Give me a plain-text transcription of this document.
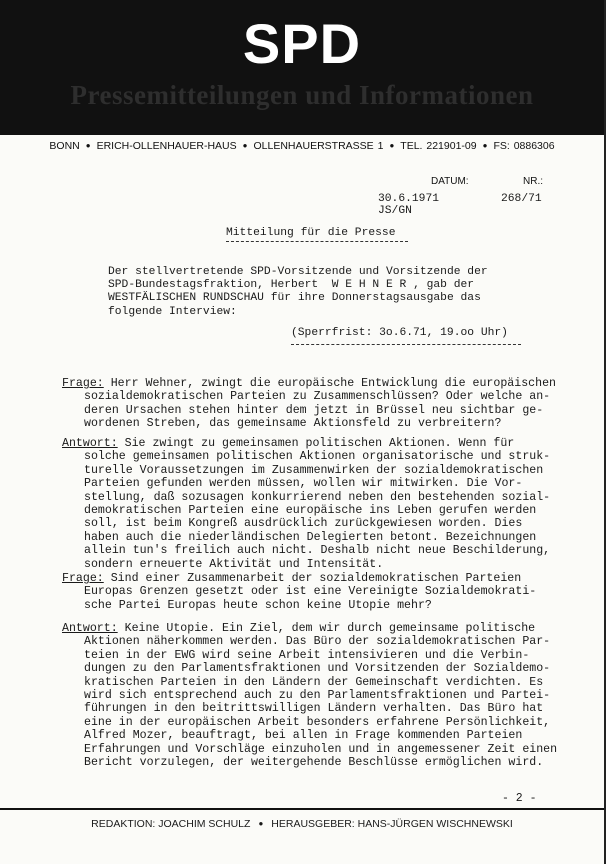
SPD
Pressemitteilungen und Informationen
BONN ● ERICH-OLLENHAUER-HAUS ● OLLENHAUERSTRASSE 1 ● TEL. 221901-09 ● FS: 0886306
DATUM:	NR.:
30.6.1971	268/71
JS/GN
Mitteilung für die Presse
Der stellvertretende SPD-Vorsitzende und Vorsitzende der
SPD-Bundestagsfraktion, Herbert  W E H N E R , gab der
WESTFÄLISCHEN RUNDSCHAU für ihre Donnerstagsausgabe das
folgende Interview:
(Sperrfrist: 3o.6.71, 19.oo Uhr)
Frage: Herr Wehner, zwingt die europäische Entwicklung die europäischen
sozialdemokratischen Parteien zu Zusammenschlüssen? Oder welche an-
deren Ursachen stehen hinter dem jetzt in Brüssel neu sichtbar ge-
wordenen Streben, das gemeinsame Aktionsfeld zu verbreitern?
Antwort: Sie zwingt zu gemeinsamen politischen Aktionen. Wenn für
solche gemeinsamen politischen Aktionen organisatorische und struk-
turelle Voraussetzungen im Zusammenwirken der sozialdemokratischen
Parteien gefunden werden müssen, wollen wir mitwirken. Die Vor-
stellung, daß sozusagen konkurrierend neben den bestehenden sozial-
demokratischen Parteien eine europäische ins Leben gerufen werden
soll, ist beim Kongreß ausdrücklich zurückgewiesen worden. Dies
haben auch die niederländischen Delegierten betont. Bezeichnungen
allein tun's freilich auch nicht. Deshalb nicht neue Beschilderung,
sondern erneuerte Aktivität und Intensität.
Frage: Sind einer Zusammenarbeit der sozialdemokratischen Parteien
Europas Grenzen gesetzt oder ist eine Vereinigte Sozialdemokrati-
sche Partei Europas heute schon keine Utopie mehr?
Antwort: Keine Utopie. Ein Ziel, dem wir durch gemeinsame politische
Aktionen näherkommen werden. Das Büro der sozialdemokratischen Par-
teien in der EWG wird seine Arbeit intensivieren und die Verbin-
dungen zu den Parlamentsfraktionen und Vorsitzenden der Sozialdemo-
kratischen Parteien in den Ländern der Gemeinschaft verdichten. Es
wird sich entsprechend auch zu den Parlamentsfraktionen und Partei-
führungen in den beitrittswilligen Ländern verhalten. Das Büro hat
eine in der europäischen Arbeit besonders erfahrene Persönlichkeit,
Alfred Mozer, beauftragt, bei allen in Frage kommenden Parteien
Erfahrungen und Vorschläge einzuholen und in angemessener Zeit einen
Bericht vorzulegen, der weitergehende Beschlüsse ermöglichen wird.
- 2 -
REDAKTION: JOACHIM SCHULZ ● HERAUSGEBER: HANS-JÜRGEN WISCHNEWSKI
